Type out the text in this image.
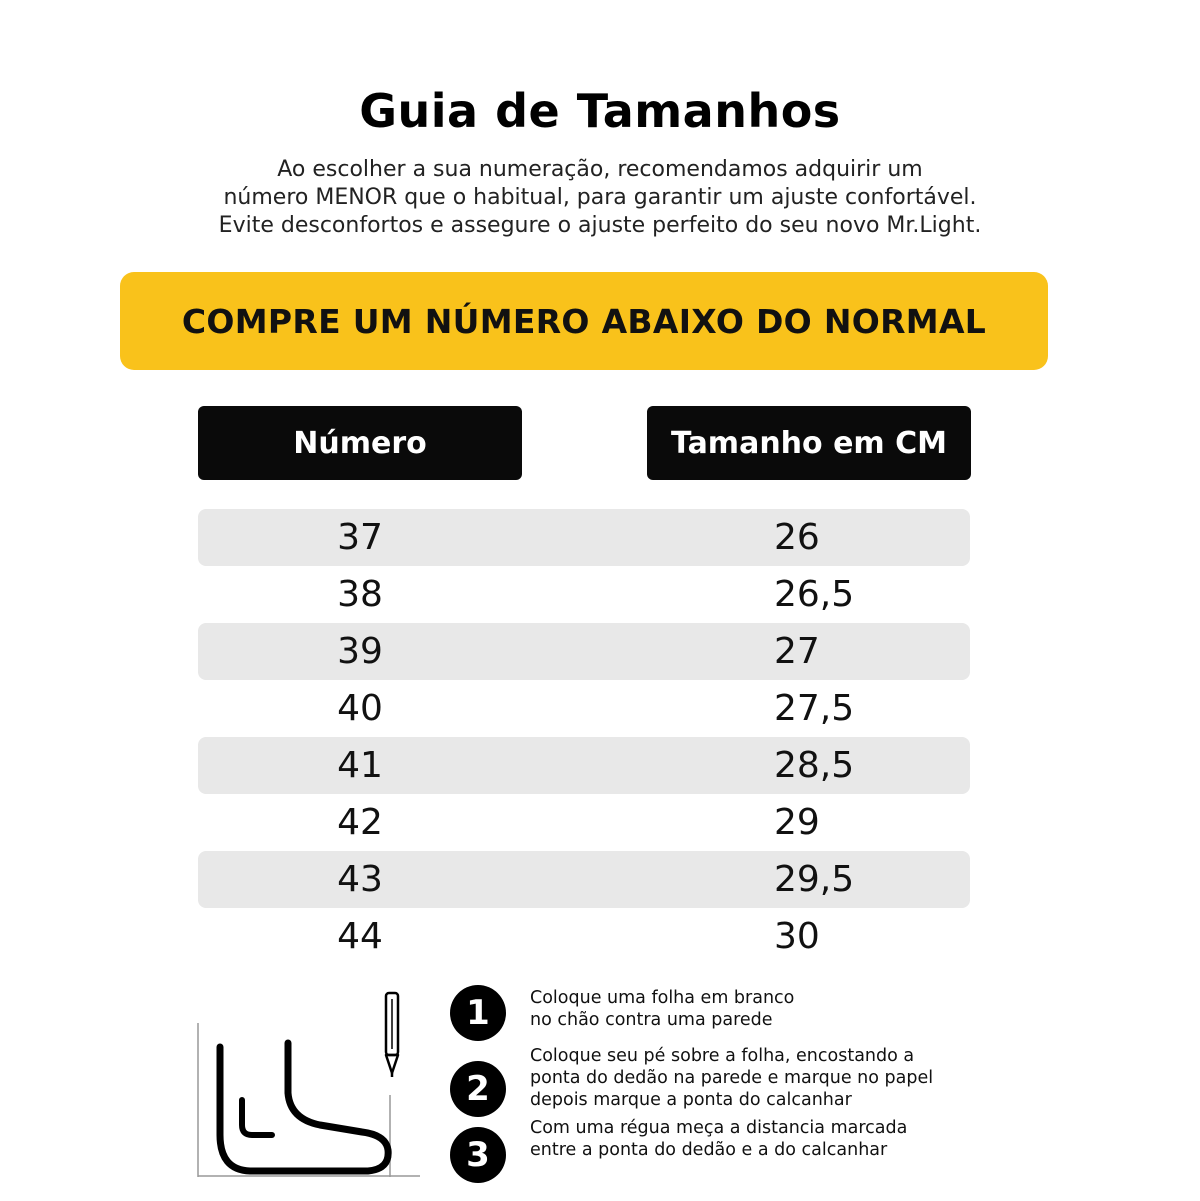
Guia de Tamanhos
Ao escolher a sua numeração, recomendamos adquirir um
número MENOR que o habitual, para garantir um ajuste confortável.
Evite desconfortos e assegure o ajuste perfeito do seu novo Mr.Light.
COMPRE UM NÚMERO ABAIXO DO NORMAL
Número	Tamanho em CM
37	26
38	26,5
39	27
40	27,5
41	28,5
42	29
43	29,5
44	30
1	Coloque uma folha em branco
no chão contra uma parede
2
Coloque seu pé sobre a folha, encostando a
ponta do dedão na parede e marque no papel
depois marque a ponta do calcanhar
3
Com uma régua meça a distancia marcada
entre a ponta do dedão e a do calcanhar
